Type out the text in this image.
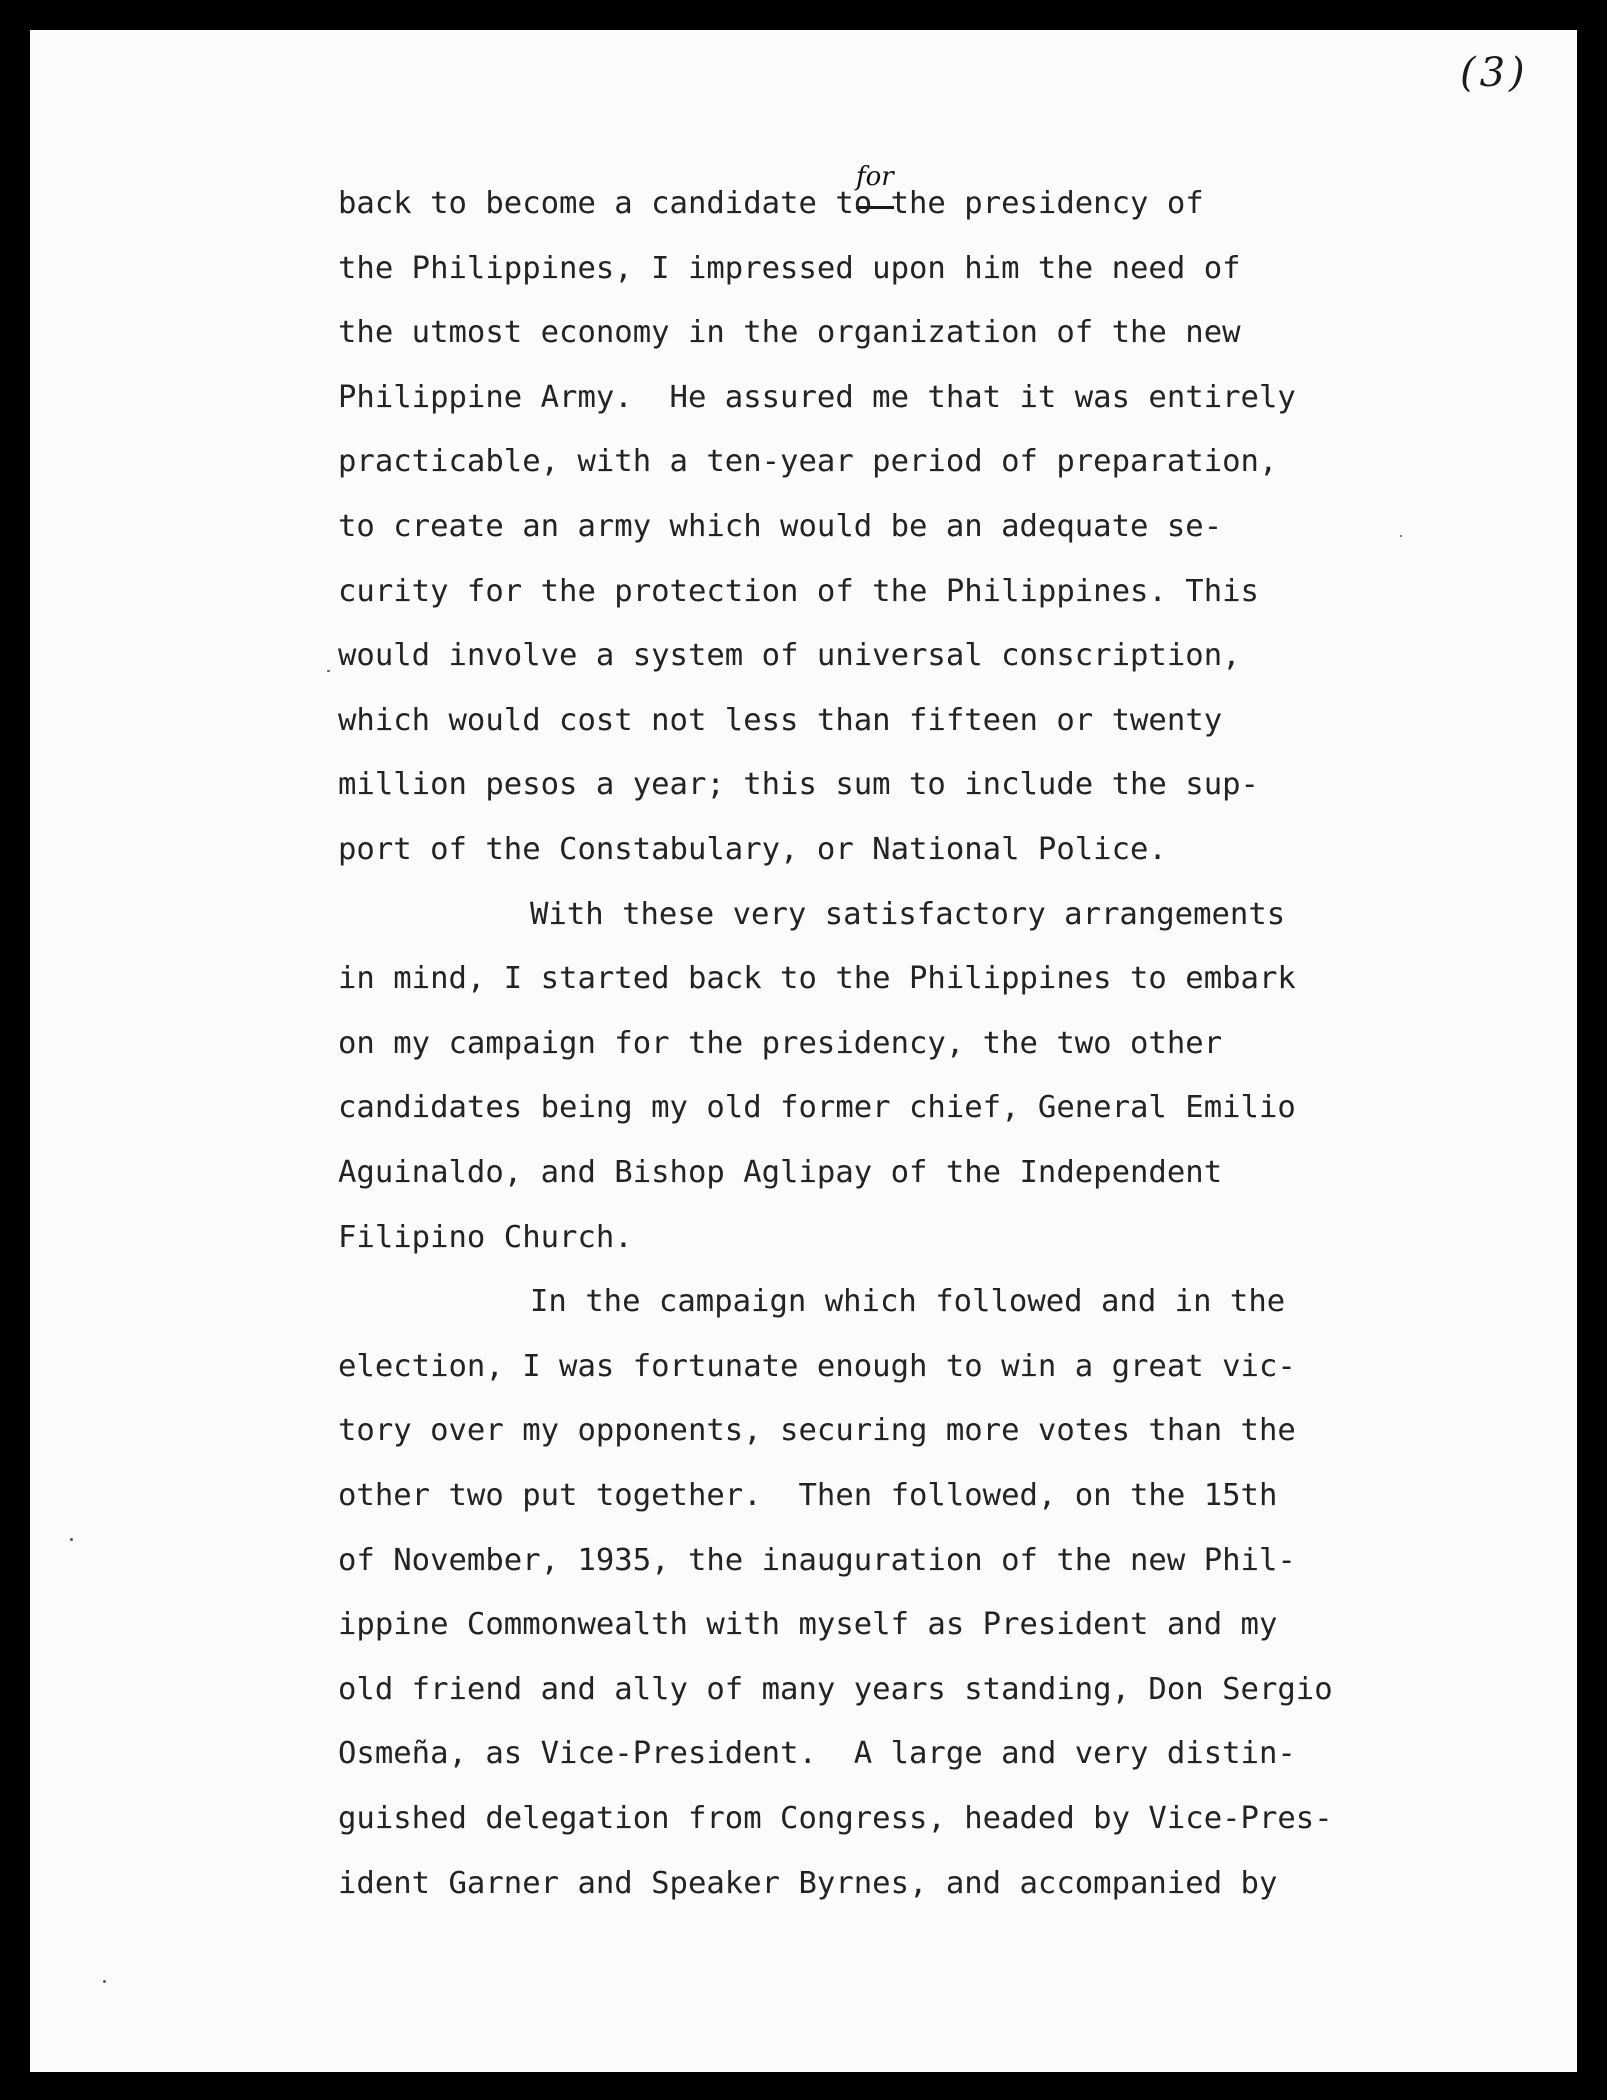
(3)
for
back to become a candidate to the presidency of
the Philippines, I impressed upon him the need of
the utmost economy in the organization of the new
Philippine Army.  He assured me that it was entirely
practicable, with a ten-year period of preparation,
to create an army which would be an adequate se-
curity for the protection of the Philippines. This
would involve a system of universal conscription,
which would cost not less than fifteen or twenty
million pesos a year; this sum to include the sup-
port of the Constabulary, or National Police.
With these very satisfactory arrangements
in mind, I started back to the Philippines to embark
on my campaign for the presidency, the two other
candidates being my old former chief, General Emilio
Aguinaldo, and Bishop Aglipay of the Independent
Filipino Church.
In the campaign which followed and in the
election, I was fortunate enough to win a great vic-
tory over my opponents, securing more votes than the
other two put together.  Then followed, on the 15th
of November, 1935, the inauguration of the new Phil-
ippine Commonwealth with myself as President and my
old friend and ally of many years standing, Don Sergio
Osmeña, as Vice-President.  A large and very distin-
guished delegation from Congress, headed by Vice-Pres-
ident Garner and Speaker Byrnes, and accompanied by
